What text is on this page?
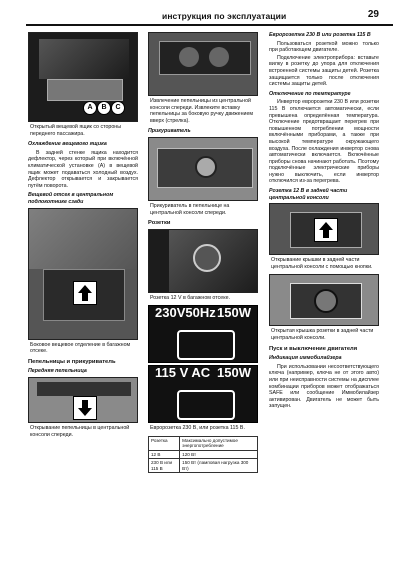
инструкция по эксплуатации	29
A	B	C
Открытый вещевой ящик со стороны переднего пассажира.
Охлаждение вещевого ящика
В задней стенке ящика находится дефлектор, через который при включённой климатической установке (A) в вещевой ящик может подаваться холодный воздух. Дефлектор открывается и закрывается путём поворота.
Вещевой отсек в центральном подлокотнике сзади
Боковое вещевое отделение в багажном отсеке.
Пепельницы и прикуриватель
Передняя пепельница
Открывание пепельницы в центральной консоли спереди.
Извлечение пепельницы из центральной консоли спереди. Извлеките вставку пепельницы за боковую ручку движением вверх (стрелка).
Прикуриватель
Прикуриватель в пепельнице на центральной консоли спереди.
Розетки
Розетка 12 V в багажном отсеке.
230V50Hz 150W
115 V AC 150W
Евророзетка 230 В, или розетка 115 В.
Розетка	Максимально допустимое энергопотребление
12 В	120 Вт
230 В или 115 В	150 Вт (ламповая нагрузка 300 Вт)
Евророзетка 230 В или розетка 115 В
Пользоваться розеткой можно только при работающем двигателе.
Подключение электроприбора: вставьте вилку в розетку до упора для отключения встроенной системы защиты детей. Розетка защищается только после отключения системы защиты детей.
Отключение по температуре
Инвертор евророзетки 230 В или розетки 115 В отключается автоматически, если превышена определённая температура. Отключение предотвращает перегрев при повышенном потреблении мощности включёнными приборами, а также при высокой температуре окружающего воздуха. После охлаждения инвертор снова автоматически включается. Включённые приборы снова начинают работать. Поэтому подключённые электрические приборы нужно выключить, если инвертор отключился из-за перегрева.
Розетка 12 В в задней части центральной консоли
Открывание крышки в задней части центральной консоли с помощью кнопки.
Открытая крышка розетки в задней части центральной консоли.
Пуск и выключение двигателя
Индикация иммобилайзера
При использовании несоответствующего ключа (например, ключа не от этого авто) или при неисправности системы на дисплее комбинации приборов может отображаться SAFE или сообщение Иммобилайзер активирован. Двигатель не может быть запущен.
